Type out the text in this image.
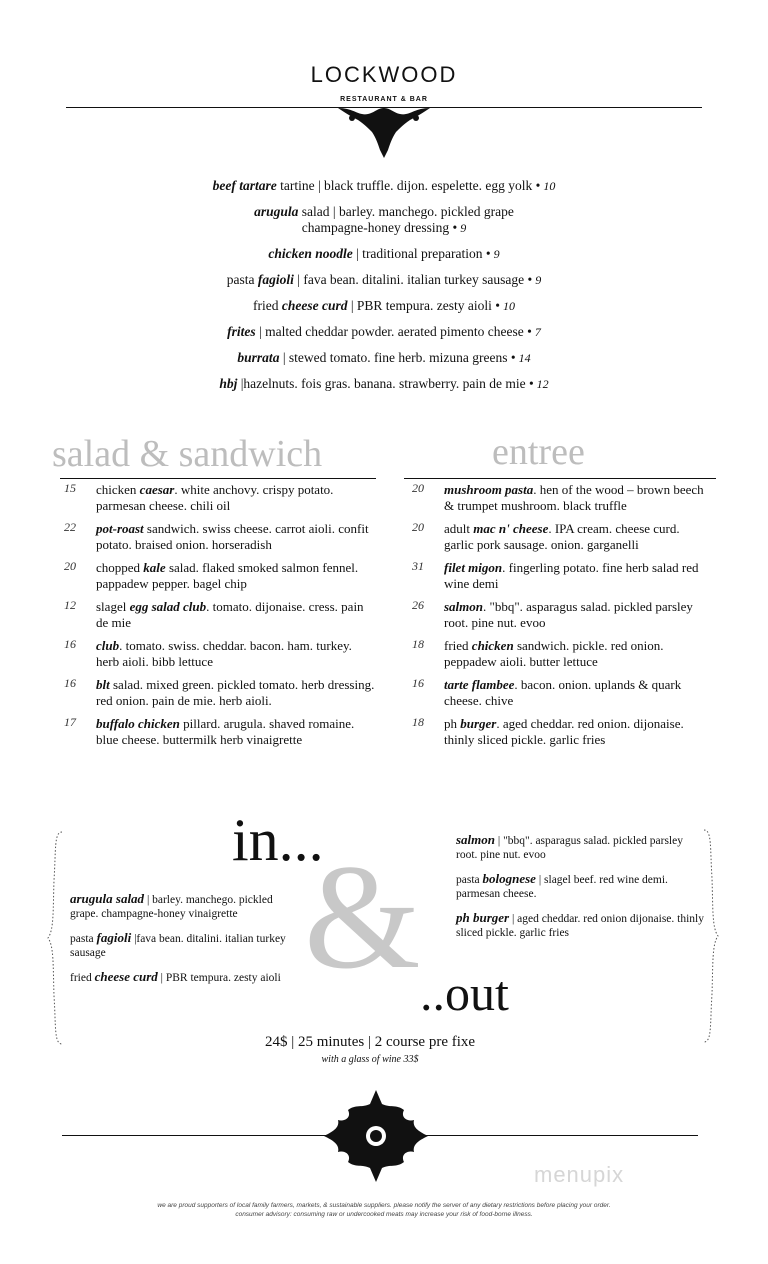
LOCKWOOD
RESTAURANT & BAR
beef tartare tartine | black truffle. dijon. espelette. egg yolk • 10
arugula salad | barley. manchego. pickled grape
champagne-honey dressing • 9
chicken noodle | traditional preparation • 9
pasta fagioli | fava bean. ditalini. italian turkey sausage • 9
fried cheese curd | PBR tempura. zesty aioli • 10
frites | malted cheddar powder. aerated pimento cheese • 7
burrata | stewed tomato. fine herb. mizuna greens • 14
hbj |hazelnuts. fois gras. banana. strawberry. pain de mie • 12
salad & sandwich
15 chicken caesar. white anchovy. crispy potato. parmesan cheese. chili oil
22 pot-roast sandwich. swiss cheese. carrot aioli. confit potato. braised onion. horseradish
20 chopped kale salad. flaked smoked salmon fennel. pappadew pepper. bagel chip
12 slagel egg salad club. tomato. dijonaise. cress. pain de mie
16 club. tomato. swiss. cheddar. bacon. ham. turkey. herb aioli. bibb lettuce
16 blt salad. mixed green. pickled tomato. herb dressing. red onion. pain de mie. herb aioli.
17 buffalo chicken pillard. arugula. shaved romaine. blue cheese. buttermilk herb vinaigrette
entree
20 mushroom pasta. hen of the wood – brown beech & trumpet mushroom. black truffle
20 adult mac n' cheese. IPA cream. cheese curd. garlic pork sausage. onion. garganelli
31 filet migon. fingerling potato. fine herb salad red wine demi
26 salmon. "bbq". asparagus salad. pickled parsley root. pine nut. evoo
18 fried chicken sandwich. pickle. red onion. peppadew aioli. butter lettuce
16 tarte flambee. bacon. onion. uplands & quark cheese. chive
18 ph burger. aged cheddar. red onion. dijonaise. thinly sliced pickle. garlic fries
&
in...
..out
arugula salad | barley. manchego. pickled grape. champagne-honey vinaigrette
pasta fagioli |fava bean. ditalini. italian turkey sausage
fried cheese curd | PBR tempura. zesty aioli
salmon | "bbq". asparagus salad. pickled parsley root. pine nut. evoo
pasta bolognese | slagel beef. red wine demi. parmesan cheese.
ph burger | aged cheddar. red onion dijonaise. thinly sliced pickle. garlic fries
24$ | 25 minutes | 2 course pre fixe
with a glass of wine 33$
menupix
we are proud supporters of local family farmers, markets, & sustainable suppliers. please notify the server of any dietary restrictions before placing your order.
consumer advisory: consuming raw or undercooked meats may increase your risk of food-borne illness.
